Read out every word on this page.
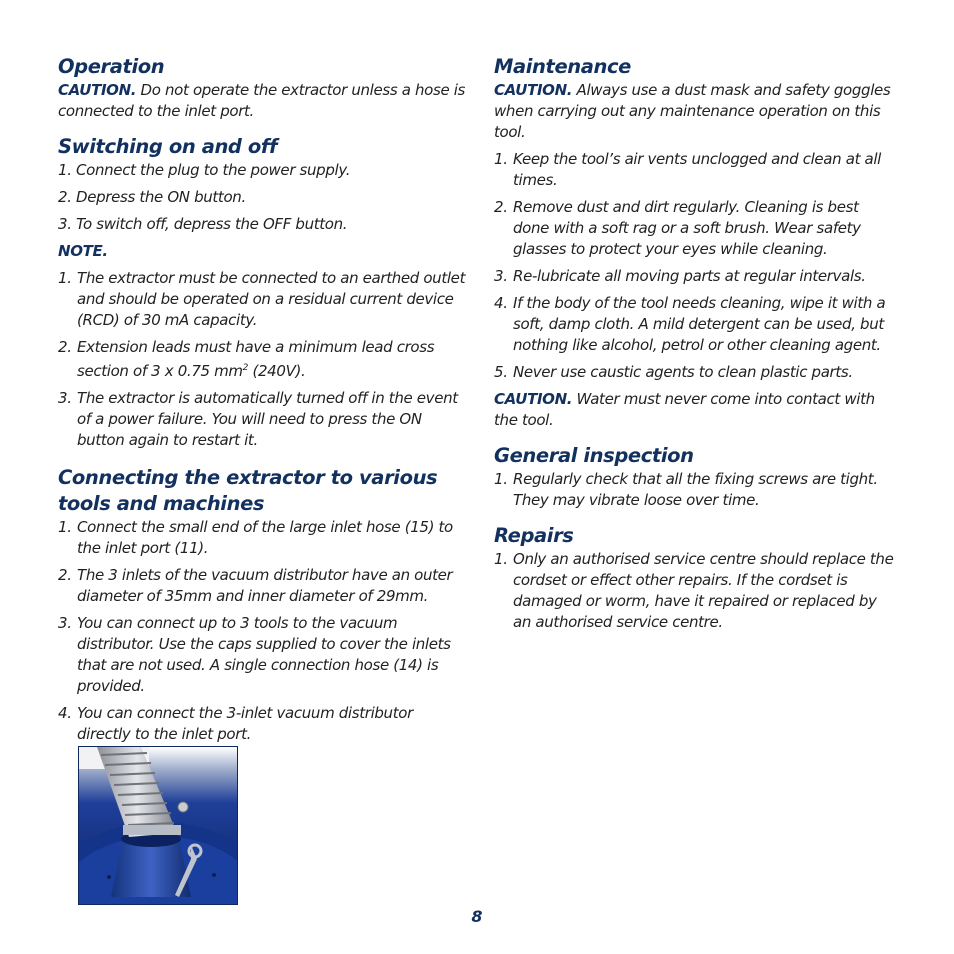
Operation

CAUTION. Do not operate the extractor unless a hose is connected to the inlet port.

Switching on and off

1. Connect the plug to the power supply.

2. Depress the ON button.

3. To switch off, depress the OFF button.

NOTE.

1. The extractor must be connected to an earthed outlet and should be operated on a residual current device (RCD) of 30 mA capacity.

2. Extension leads must have a minimum lead cross section of 3 x 0.75 $mm^2$ (240V).

3. The extractor is automatically turned off in the event of a power failure. You will need to press the ON button again to restart it.

Connecting the extractor to various tools and machines

1. Connect the small end of the large inlet hose (15) to the inlet port (11).

2. The 3 inlets of the vacuum distributor have an outer diameter of 35mm and inner diameter of 29mm.

3. You can connect up to 3 tools to the vacuum distributor. Use the caps supplied to cover the inlets that are not used. A single connection hose (14) is provided.

4. You can connect the 3-inlet vacuum distributor directly to the inlet port.

Maintenance

CAUTION. Always use a dust mask and safety goggles when carrying out any maintenance operation on this tool.

1. Keep the tool’s air vents unclogged and clean at all times.

2. Remove dust and dirt regularly. Cleaning is best done with a soft rag or a soft brush. Wear safety glasses to protect your eyes while cleaning.

3. Re-lubricate all moving parts at regular intervals.

4. If the body of the tool needs cleaning, wipe it with a soft, damp cloth. A mild detergent can be used, but nothing like alcohol, petrol or other cleaning agent.

5. Never use caustic agents to clean plastic parts.

CAUTION. Water must never come into contact with the tool.

General inspection

1. Regularly check that all the fixing screws are tight. They may vibrate loose over time.

Repairs

1. Only an authorised service centre should replace the cordset or effect other repairs. If the cordset is damaged or worm, have it repaired or replaced by an authorised service centre.

8
